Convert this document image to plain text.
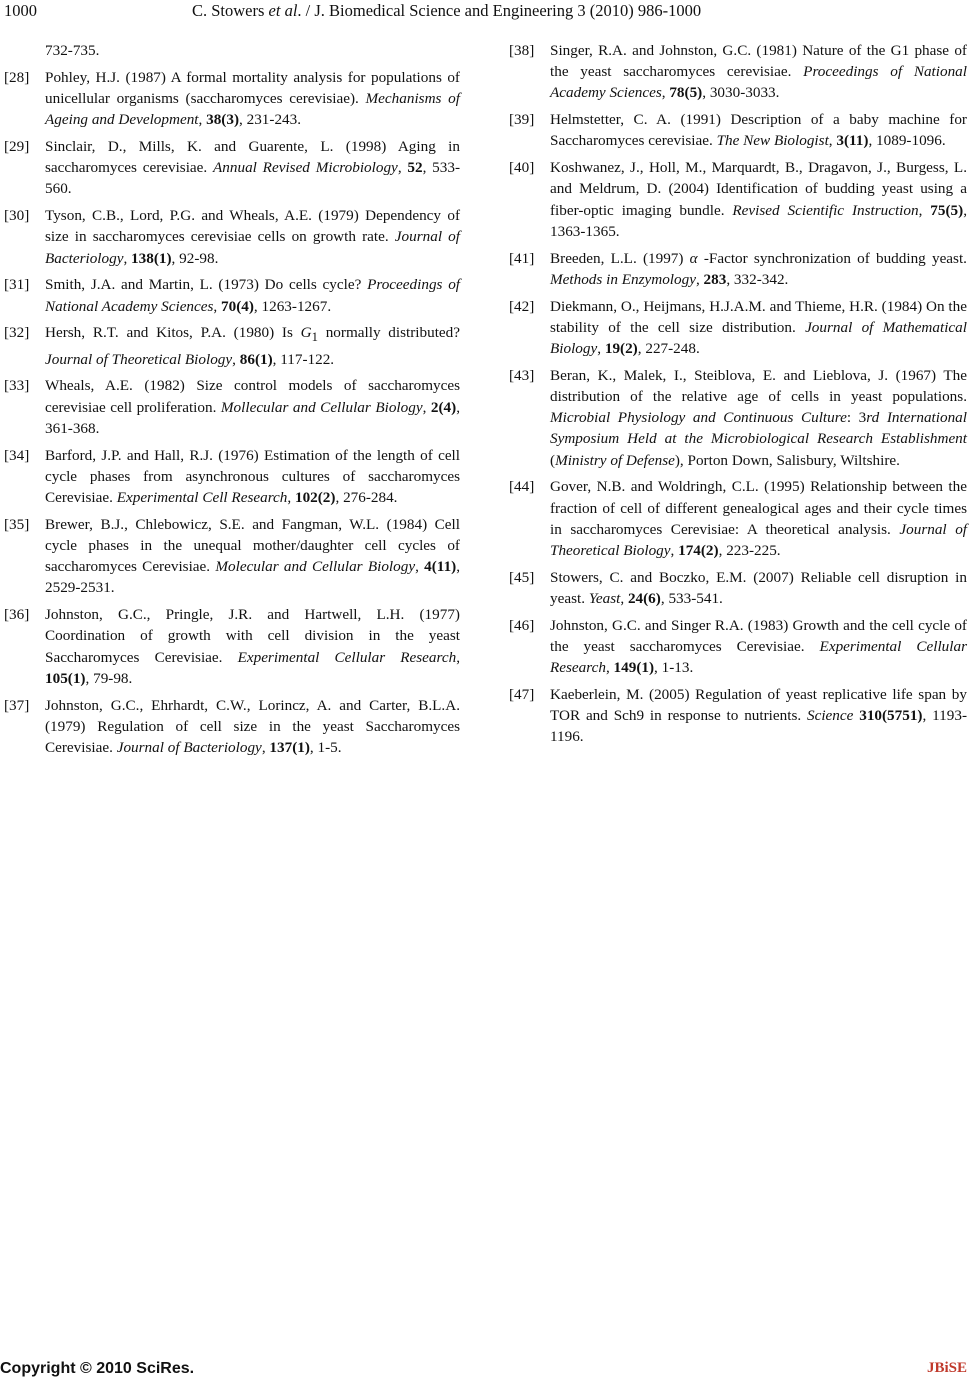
1000	C. Stowers et al. / J. Biomedical Science and Engineering 3 (2010) 986-1000
732-735.
[28] Pohley, H.J. (1987) A formal mortality analysis for populations of unicellular organisms (saccharomyces cerevisiae). Mechanisms of Ageing and Development, 38(3), 231-243.
[29] Sinclair, D., Mills, K. and Guarente, L. (1998) Aging in saccharomyces cerevisiae. Annual Revised Microbiology, 52, 533-560.
[30] Tyson, C.B., Lord, P.G. and Wheals, A.E. (1979) Dependency of size in saccharomyces cerevisiae cells on growth rate. Journal of Bacteriology, 138(1), 92-98.
[31] Smith, J.A. and Martin, L. (1973) Do cells cycle? Proceedings of National Academy Sciences, 70(4), 1263-1267.
[32] Hersh, R.T. and Kitos, P.A. (1980) Is $G_1$ normally distributed? Journal of Theoretical Biology, 86(1), 117-122.
[33] Wheals, A.E. (1982) Size control models of saccharomyces cerevisiae cell proliferation. Mollecular and Cellular Biology, 2(4), 361-368.
[34] Barford, J.P. and Hall, R.J. (1976) Estimation of the length of cell cycle phases from asynchronous cultures of saccharomyces Cerevisiae. Experimental Cell Research, 102(2), 276-284.
[35] Brewer, B.J., Chlebowicz, S.E. and Fangman, W.L. (1984) Cell cycle phases in the unequal mother/daughter cell cycles of saccharomyces Cerevisiae. Molecular and Cellular Biology, 4(11), 2529-2531.
[36] Johnston, G.C., Pringle, J.R. and Hartwell, L.H. (1977) Coordination of growth with cell division in the yeast Saccharomyces Cerevisiae. Experimental Cellular Research, 105(1), 79-98.
[37] Johnston, G.C., Ehrhardt, C.W., Lorincz, A. and Carter, B.L.A. (1979) Regulation of cell size in the yeast Saccharomyces Cerevisiae. Journal of Bacteriology, 137(1), 1-5.
[38] Singer, R.A. and Johnston, G.C. (1981) Nature of the G1 phase of the yeast saccharomyces cerevisiae. Proceedings of National Academy Sciences, 78(5), 3030-3033.
[39] Helmstetter, C. A. (1991) Description of a baby machine for Saccharomyces cerevisiae. The New Biologist, 3(11), 1089-1096.
[40] Koshwanez, J., Holl, M., Marquardt, B., Dragavon, J., Burgess, L. and Meldrum, D. (2004) Identification of budding yeast using a fiber-optic imaging bundle. Revised Scientific Instruction, 75(5), 1363-1365.
[41] Breeden, L.L. (1997) α -Factor synchronization of budding yeast. Methods in Enzymology, 283, 332-342.
[42] Diekmann, O., Heijmans, H.J.A.M. and Thieme, H.R. (1984) On the stability of the cell size distribution. Journal of Mathematical Biology, 19(2), 227-248.
[43] Beran, K., Malek, I., Steiblova, E. and Lieblova, J. (1967) The distribution of the relative age of cells in yeast populations. Microbial Physiology and Continuous Culture: 3rd International Symposium Held at the Microbiological Research Establishment (Ministry of Defense), Porton Down, Salisbury, Wiltshire.
[44] Gover, N.B. and Woldringh, C.L. (1995) Relationship between the fraction of cell of different genealogical ages and their cycle times in saccharomyces Cerevisiae: A theoretical analysis. Journal of Theoretical Biology, 174(2), 223-225.
[45] Stowers, C. and Boczko, E.M. (2007) Reliable cell disruption in yeast. Yeast, 24(6), 533-541.
[46] Johnston, G.C. and Singer R.A. (1983) Growth and the cell cycle of the yeast saccharomyces Cerevisiae. Experimental Cellular Research, 149(1), 1-13.
[47] Kaeberlein, M. (2005) Regulation of yeast replicative life span by TOR and Sch9 in response to nutrients. Science 310(5751), 1193-1196.
Copyright © 2010 SciRes.	JBiSE
